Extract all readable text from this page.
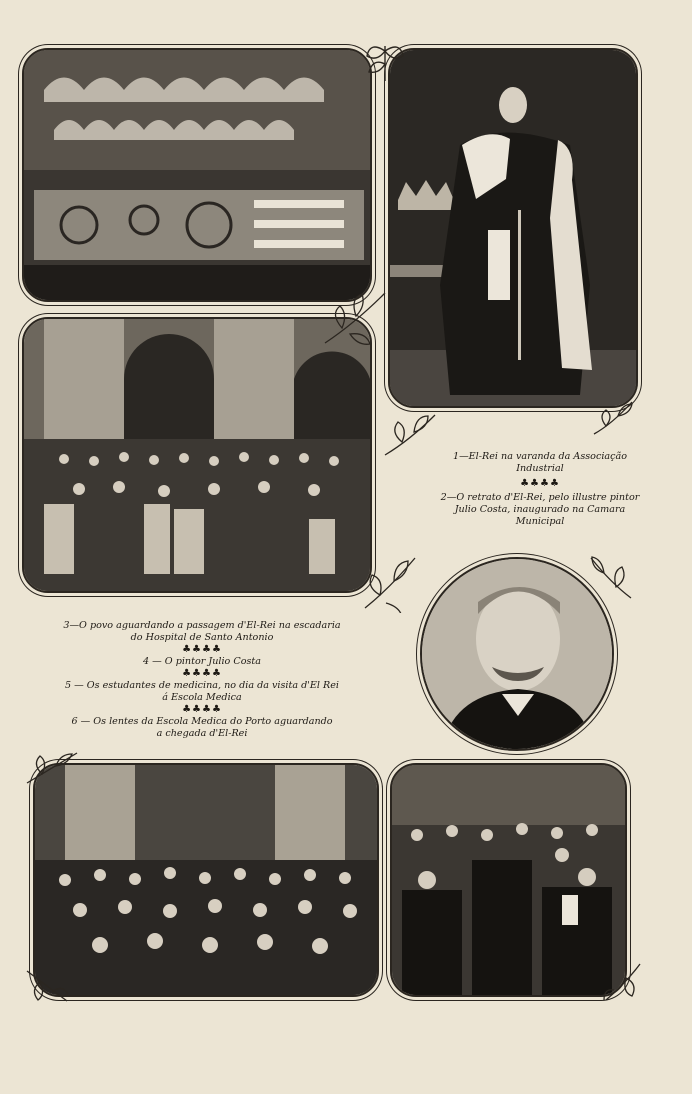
1—El-Rei na varanda da Associação

Industrial

♣♣♣♣

2—O retrato d'El-Rei, pelo illustre pintor

Julio Costa, inaugurado na Camara

Municipal

3—O povo aguardando a passagem d'El-Rei na escadaria

do Hospital de Santo Antonio

♣♣♣♣

4 — O pintor Julio Costa

♣♣♣♣

5 — Os estudantes de medicina, no dia da visita d'El Rei

á Escola Medica

♣♣♣♣

6 — Os lentes da Escola Medica do Porto aguardando

a chegada d'El-Rei
